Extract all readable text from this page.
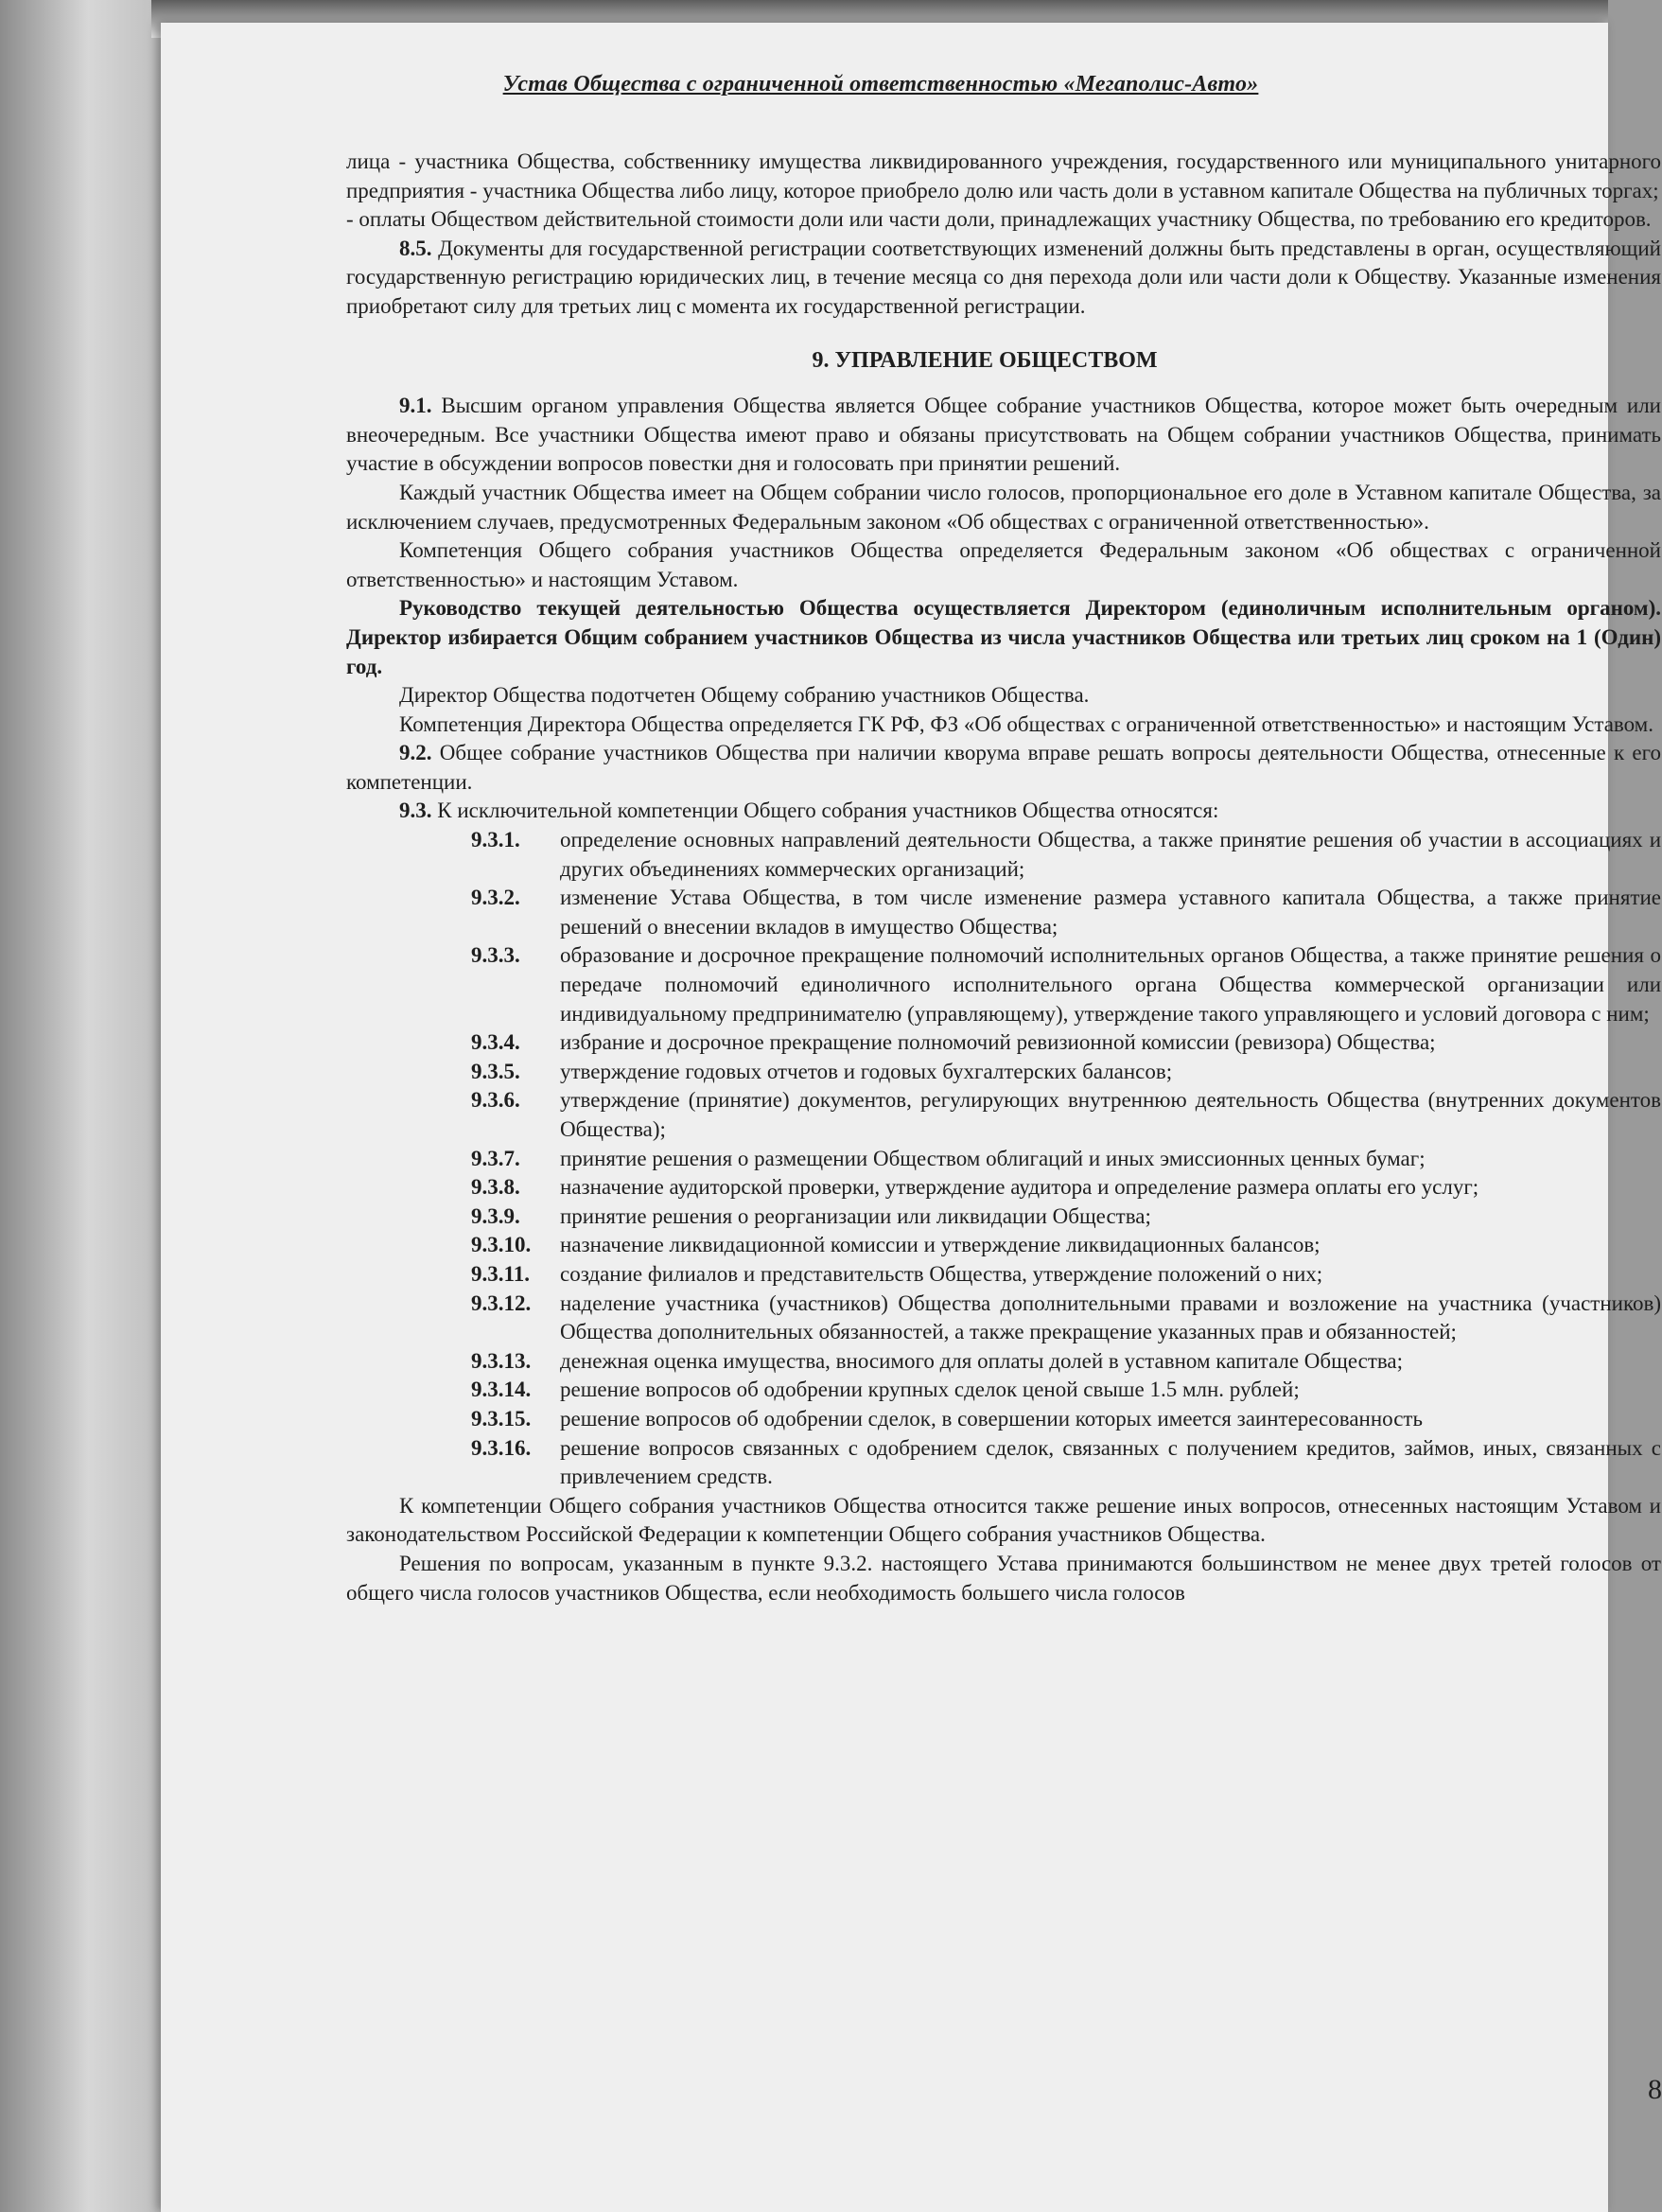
Устав Общества с ограниченной ответственностью «Мегаполис-Авто»

лица - участника Общества, собственнику имущества ликвидированного учреждения, государственного или муниципального унитарного предприятия - участника Общества либо лицу, которое приобрело долю или часть доли в уставном капитале Общества на публичных торгах;

- оплаты Обществом действительной стоимости доли или части доли, принадлежащих участнику Общества, по требованию его кредиторов.

8.5. Документы для государственной регистрации соответствующих изменений должны быть представлены в орган, осуществляющий государственную регистрацию юридических лиц, в течение месяца со дня перехода доли или части доли к Обществу. Указанные изменения приобретают силу для третьих лиц с момента их государственной регистрации.

9. УПРАВЛЕНИЕ ОБЩЕСТВОМ

9.1. Высшим органом управления Общества является Общее собрание участников Общества, которое может быть очередным или внеочередным. Все участники Общества имеют право и обязаны присутствовать на Общем собрании участников Общества, принимать участие в обсуждении вопросов повестки дня и голосовать при принятии решений.

Каждый участник Общества имеет на Общем собрании число голосов, пропорциональное его доле в Уставном капитале Общества, за исключением случаев, предусмотренных Федеральным законом «Об обществах с ограниченной ответственностью».

Компетенция Общего собрания участников Общества определяется Федеральным законом «Об обществах с ограниченной ответственностью» и настоящим Уставом.

Руководство текущей деятельностью Общества осуществляется Директором (единоличным исполнительным органом). Директор избирается Общим собранием участников Общества из числа участников Общества или третьих лиц сроком на 1 (Один) год.

Директор Общества подотчетен Общему собранию участников Общества.

Компетенция Директора Общества определяется ГК РФ, ФЗ «Об обществах с ограниченной ответственностью» и настоящим Уставом.

9.2. Общее собрание участников Общества при наличии кворума вправе решать вопросы деятельности Общества, отнесенные к его компетенции.

9.3. К исключительной компетенции Общего собрания участников Общества относятся:

9.3.1.	определение основных направлений деятельности Общества, а также принятие решения об участии в ассоциациях и других объединениях коммерческих организаций;
9.3.2.	изменение Устава Общества, в том числе изменение размера уставного капитала Общества, а также принятие решений о внесении вкладов в имущество Общества;
9.3.3.	образование и досрочное прекращение полномочий исполнительных органов Общества, а также принятие решения о передаче полномочий единоличного исполнительного органа Общества коммерческой организации или индивидуальному предпринимателю (управляющему), утверждение такого управляющего и условий договора с ним;
9.3.4.	избрание и досрочное прекращение полномочий ревизионной комиссии (ревизора) Общества;
9.3.5.	утверждение годовых отчетов и годовых бухгалтерских балансов;
9.3.6.	утверждение (принятие) документов, регулирующих внутреннюю деятельность Общества (внутренних документов Общества);
9.3.7.	принятие решения о размещении Обществом облигаций и иных эмиссионных ценных бумаг;
9.3.8.	назначение аудиторской проверки, утверждение аудитора и определение размера оплаты его услуг;
9.3.9.	принятие решения о реорганизации или ликвидации Общества;
9.3.10.	назначение ликвидационной комиссии и утверждение ликвидационных балансов;
9.3.11.	создание филиалов и представительств Общества, утверждение положений о них;
9.3.12.	наделение участника (участников) Общества дополнительными правами и возложение на участника (участников) Общества дополнительных обязанностей, а также прекращение указанных прав и обязанностей;
9.3.13.	денежная оценка имущества, вносимого для оплаты долей в уставном капитале Общества;
9.3.14.	решение вопросов об одобрении крупных сделок ценой свыше 1.5 млн. рублей;
9.3.15.	решение вопросов об одобрении сделок, в совершении которых имеется заинтересованность
9.3.16.	решение вопросов связанных с одобрением сделок, связанных с получением кредитов, займов, иных, связанных с привлечением средств.

К компетенции Общего собрания участников Общества относится также решение иных вопросов, отнесенных настоящим Уставом и законодательством Российской Федерации к компетенции Общего собрания участников Общества.

Решения по вопросам, указанным в пункте 9.3.2. настоящего Устава принимаются большинством не менее двух третей голосов от общего числа голосов участников Общества, если необходимость большего числа голосов

8
